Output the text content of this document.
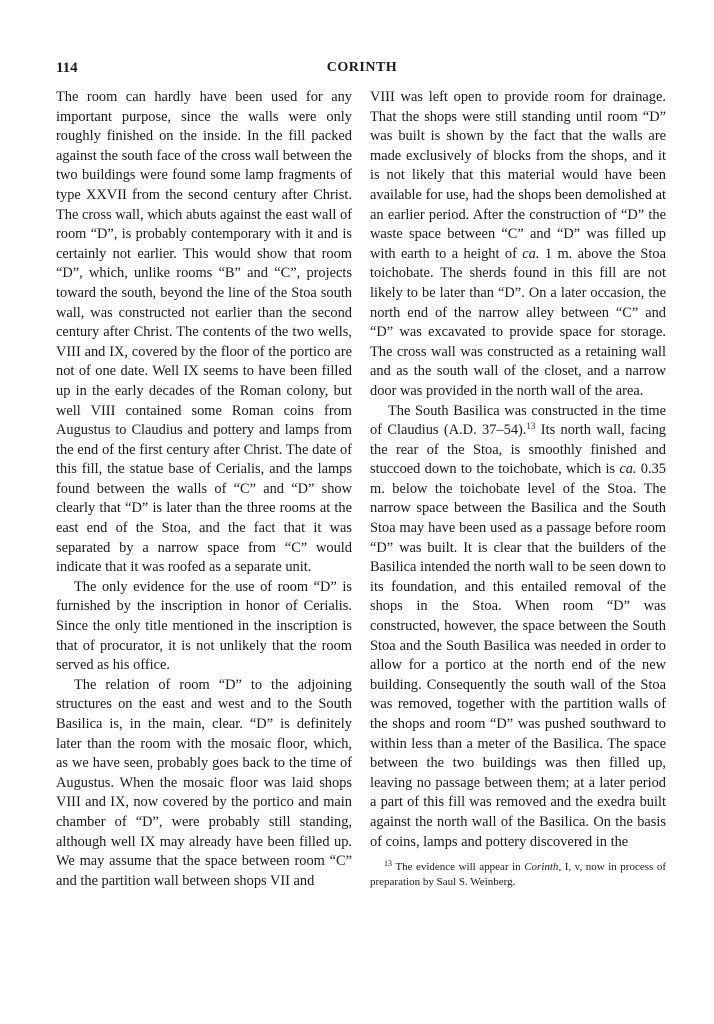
114	CORINTH

The room can hardly have been used for any important purpose, since the walls were only roughly finished on the inside. In the fill packed against the south face of the cross wall between the two buildings were found some lamp fragments of type XXVII from the second century after Christ. The cross wall, which abuts against the east wall of room “D”, is probably contemporary with it and is certainly not earlier. This would show that room “D”, which, unlike rooms “B” and “C”, projects toward the south, beyond the line of the Stoa south wall, was constructed not earlier than the second century after Christ. The contents of the two wells, VIII and IX, covered by the floor of the portico are not of one date. Well IX seems to have been filled up in the early decades of the Roman colony, but well VIII contained some Roman coins from Augustus to Claudius and pottery and lamps from the end of the first century after Christ. The date of this fill, the statue base of Cerialis, and the lamps found between the walls of “C” and “D” show clearly that “D” is later than the three rooms at the east end of the Stoa, and the fact that it was separated by a narrow space from “C” would indicate that it was roofed as a separate unit.

The only evidence for the use of room “D” is furnished by the inscription in honor of Cerialis. Since the only title mentioned in the inscription is that of procurator, it is not unlikely that the room served as his office.

The relation of room “D” to the adjoining structures on the east and west and to the South Basilica is, in the main, clear. “D” is definitely later than the room with the mosaic floor, which, as we have seen, probably goes back to the time of Augustus. When the mosaic floor was laid shops VIII and IX, now covered by the portico and main chamber of “D”, were probably still standing, although well IX may already have been filled up. We may assume that the space between room “C” and the partition wall between shops VII and

VIII was left open to provide room for drainage. That the shops were still standing until room “D” was built is shown by the fact that the walls are made exclusively of blocks from the shops, and it is not likely that this material would have been available for use, had the shops been demolished at an earlier period. After the construction of “D” the waste space between “C” and “D” was filled up with earth to a height of ca. 1 m. above the Stoa toichobate. The sherds found in this fill are not likely to be later than “D”. On a later occasion, the north end of the narrow alley between “C” and “D” was excavated to provide space for storage. The cross wall was constructed as a retaining wall and as the south wall of the closet, and a narrow door was provided in the north wall of the area.

The South Basilica was constructed in the time of Claudius (A.D. 37–54).$^{13}$ Its north wall, facing the rear of the Stoa, is smoothly finished and stuccoed down to the toichobate, which is ca. 0.35 m. below the toichobate level of the Stoa. The narrow space between the Basilica and the South Stoa may have been used as a passage before room “D” was built. It is clear that the builders of the Basilica intended the north wall to be seen down to its foundation, and this entailed removal of the shops in the Stoa. When room “D” was constructed, however, the space between the South Stoa and the South Basilica was needed in order to allow for a portico at the north end of the new building. Consequently the south wall of the Stoa was removed, together with the partition walls of the shops and room “D” was pushed southward to within less than a meter of the Basilica. The space between the two buildings was then filled up, leaving no passage between them; at a later period a part of this fill was removed and the exedra built against the north wall of the Basilica. On the basis of coins, lamps and pottery discovered in the

$^{13}$ The evidence will appear in Corinth, I, v, now in process of preparation by Saul S. Weinberg.
